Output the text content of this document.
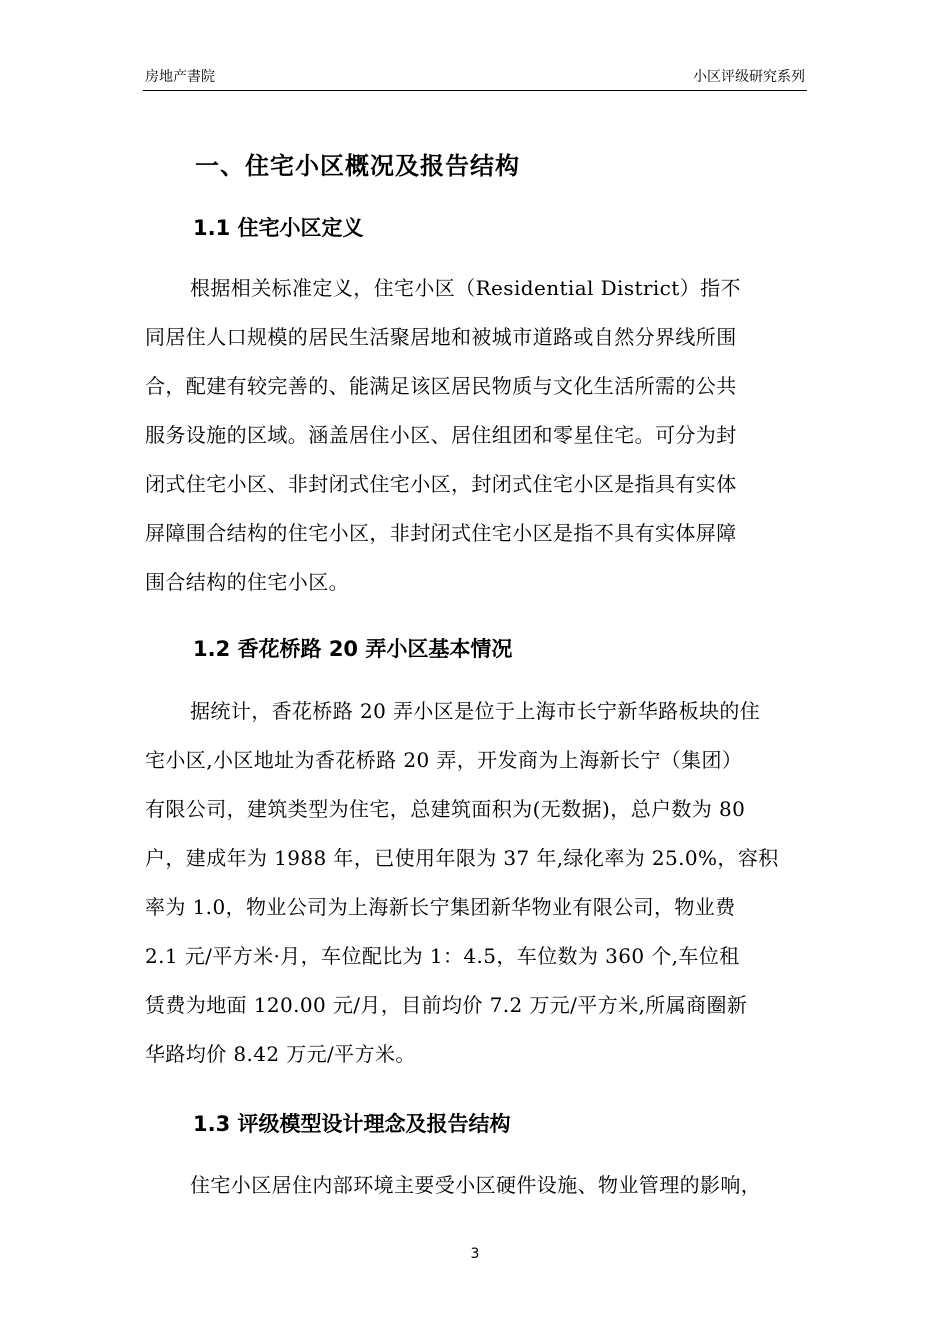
房地产書院	小区评级研究系列
一、住宅小区概况及报告结构
1.1 住宅小区定义
根据相关标准定义，住宅小区（Residential District）指不
同居住人口规模的居民生活聚居地和被城市道路或自然分界线所围
合，配建有较完善的、能满足该区居民物质与文化生活所需的公共
服务设施的区域。涵盖居住小区、居住组团和零星住宅。可分为封
闭式住宅小区、非封闭式住宅小区，封闭式住宅小区是指具有实体
屏障围合结构的住宅小区，非封闭式住宅小区是指不具有实体屏障
围合结构的住宅小区。
1.2 香花桥路 20 弄小区基本情况
据统计，香花桥路 20 弄小区是位于上海市长宁新华路板块的住
宅小区,小区地址为香花桥路 20 弄，开发商为上海新长宁（集团）
有限公司，建筑类型为住宅，总建筑面积为(无数据)，总户数为 80
户，建成年为 1988 年，已使用年限为 37 年,绿化率为 25.0%，容积
率为 1.0，物业公司为上海新长宁集团新华物业有限公司，物业费
2.1 元/平方米·月，车位配比为 1：4.5，车位数为 360 个,车位租
赁费为地面 120.00 元/月，目前均价 7.2 万元/平方米,所属商圈新
华路均价 8.42 万元/平方米。
1.3 评级模型设计理念及报告结构
住宅小区居住内部环境主要受小区硬件设施、物业管理的影响，
3
